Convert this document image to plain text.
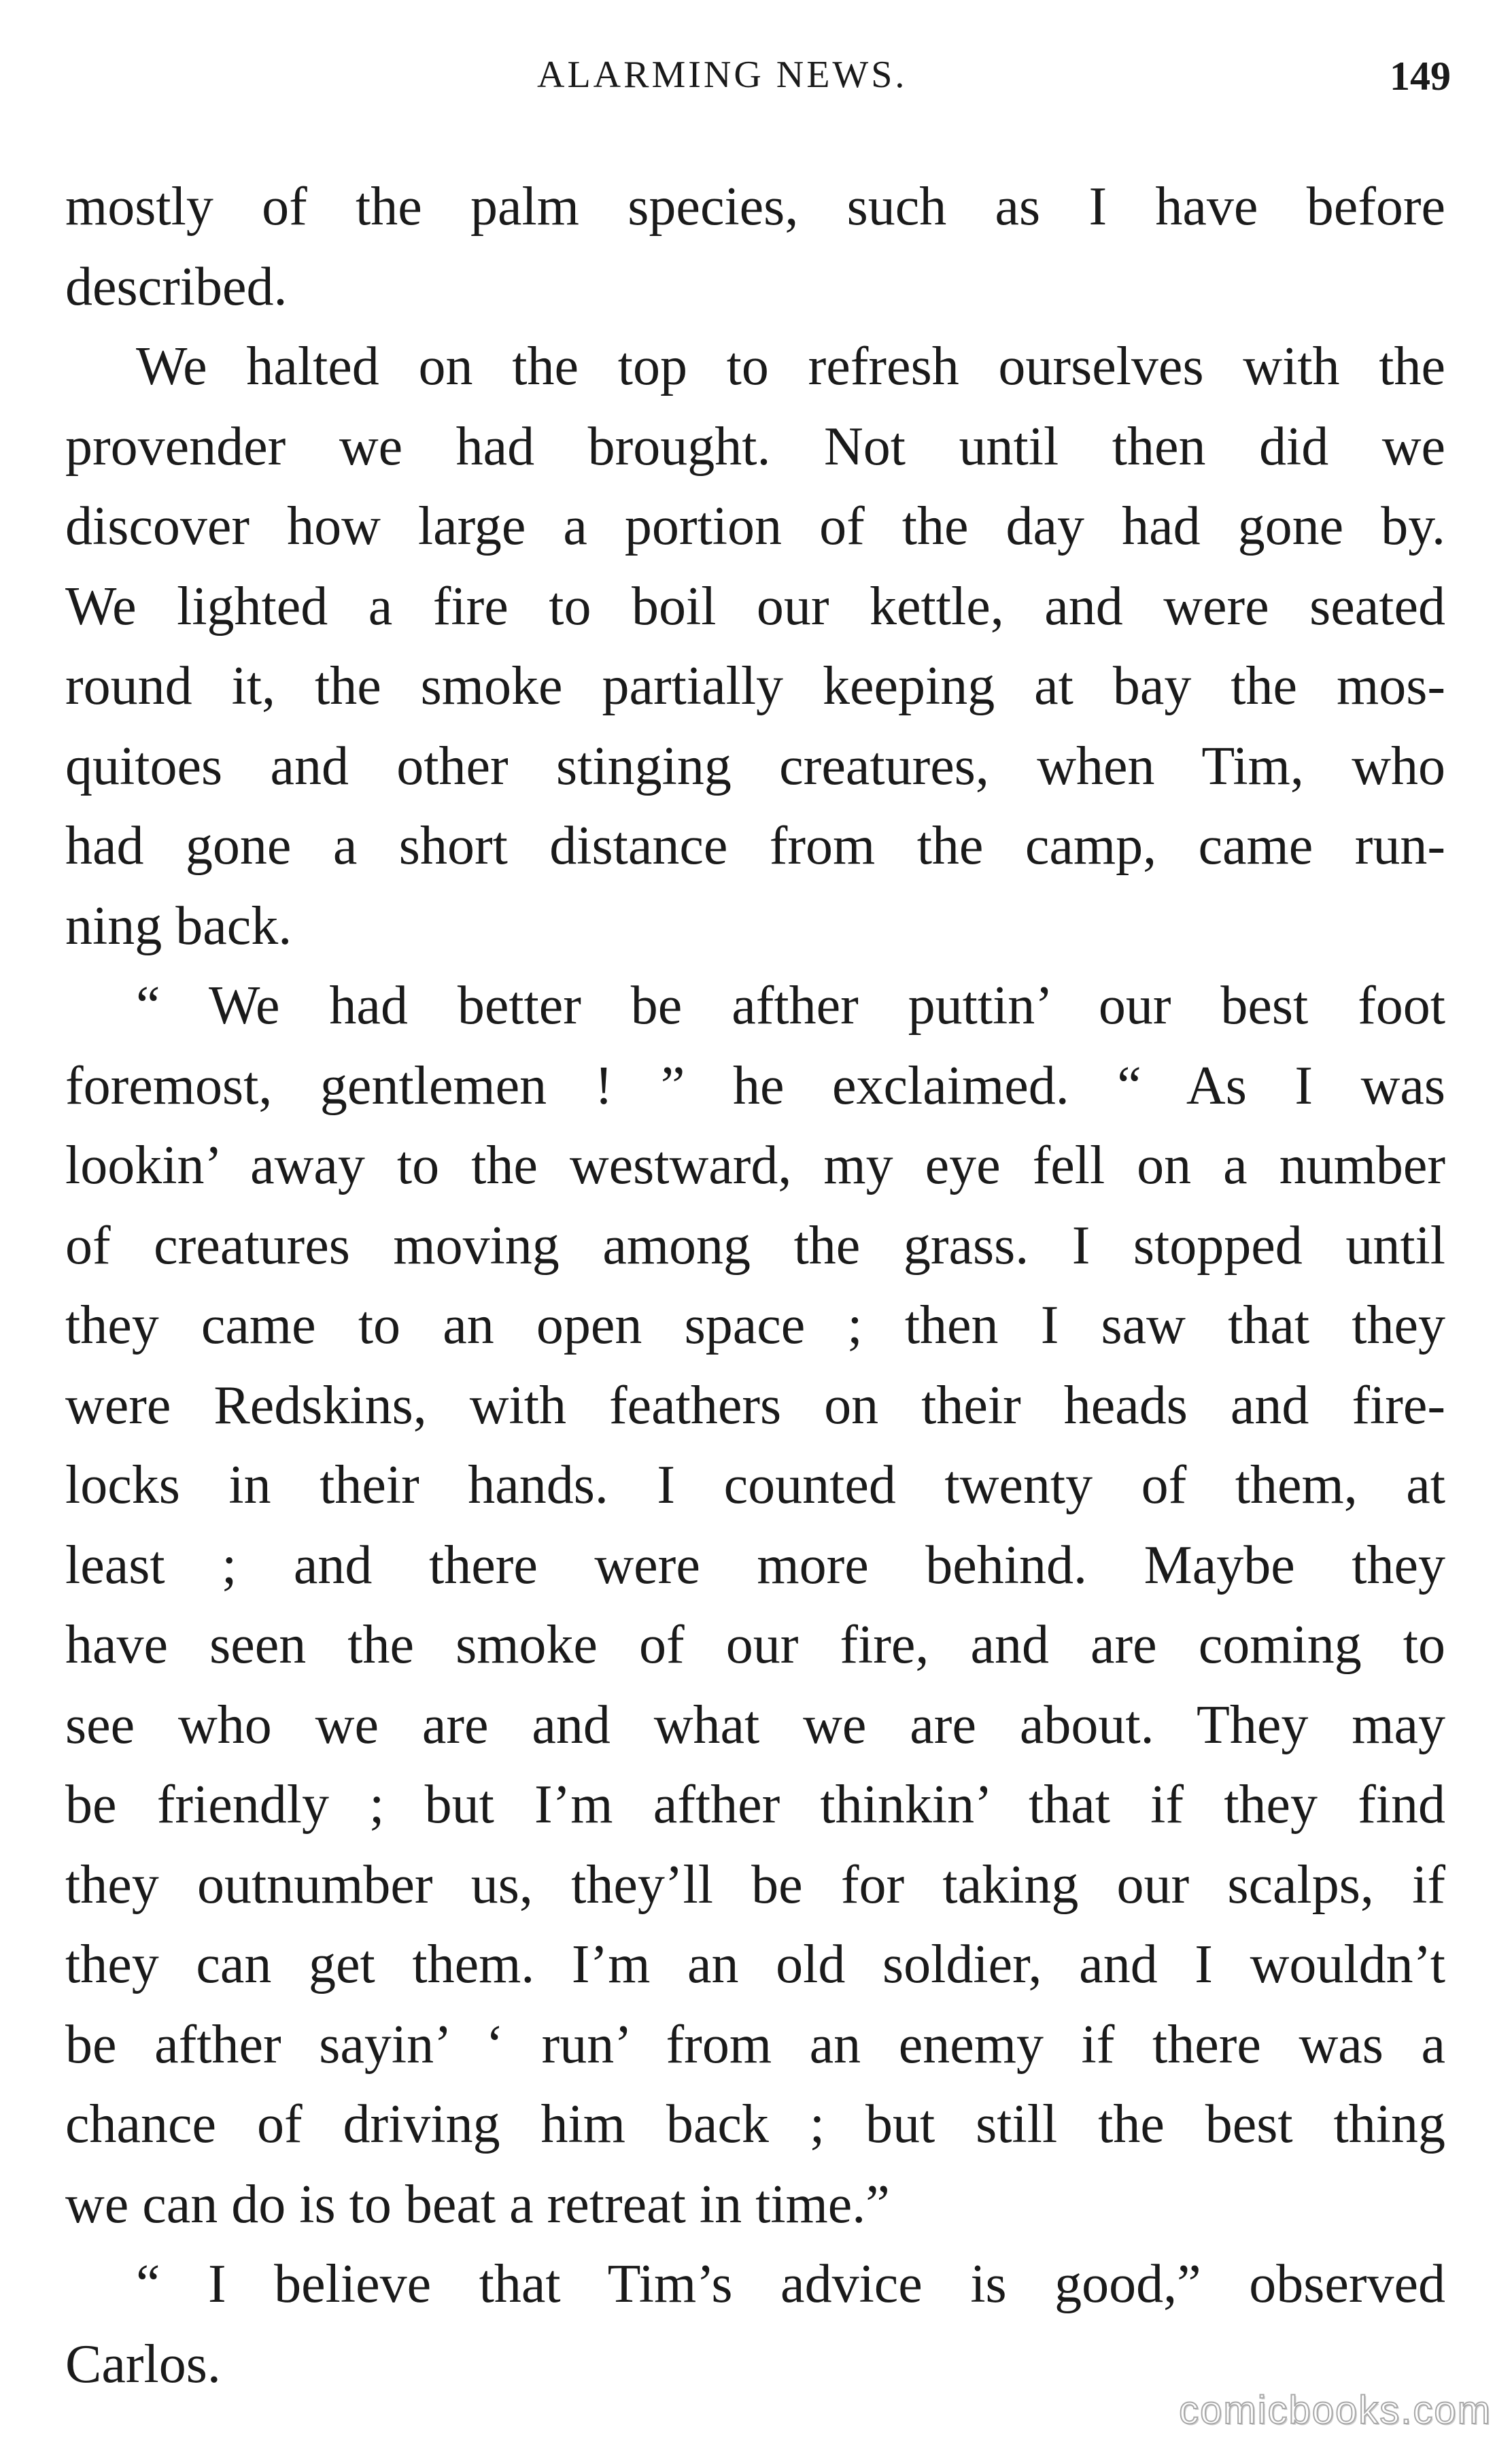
ALARMING NEWS.	149
mostly of the palm species, such as I have before
described.
We halted on the top to refresh ourselves with the
provender we had brought. Not until then did we
discover how large a portion of the day had gone by.
We lighted a fire to boil our kettle, and were seated
round it, the smoke partially keeping at bay the mos-
quitoes and other stinging creatures, when Tim, who
had gone a short distance from the camp, came run-
ning back.
“ We had better be afther puttin’ our best foot
foremost, gentlemen ! ” he exclaimed. “ As I was
lookin’ away to the westward, my eye fell on a number
of creatures moving among the grass. I stopped until
they came to an open space ; then I saw that they
were Redskins, with feathers on their heads and fire-
locks in their hands. I counted twenty of them, at
least ; and there were more behind. Maybe they
have seen the smoke of our fire, and are coming to
see who we are and what we are about. They may
be friendly ; but I’m afther thinkin’ that if they find
they outnumber us, they’ll be for taking our scalps, if
they can get them. I’m an old soldier, and I wouldn’t
be afther sayin’ ‘ run’ from an enemy if there was a
chance of driving him back ; but still the best thing
we can do is to beat a retreat in time.”
“ I believe that Tim’s advice is good,” observed
Carlos.
comicbooks.com
